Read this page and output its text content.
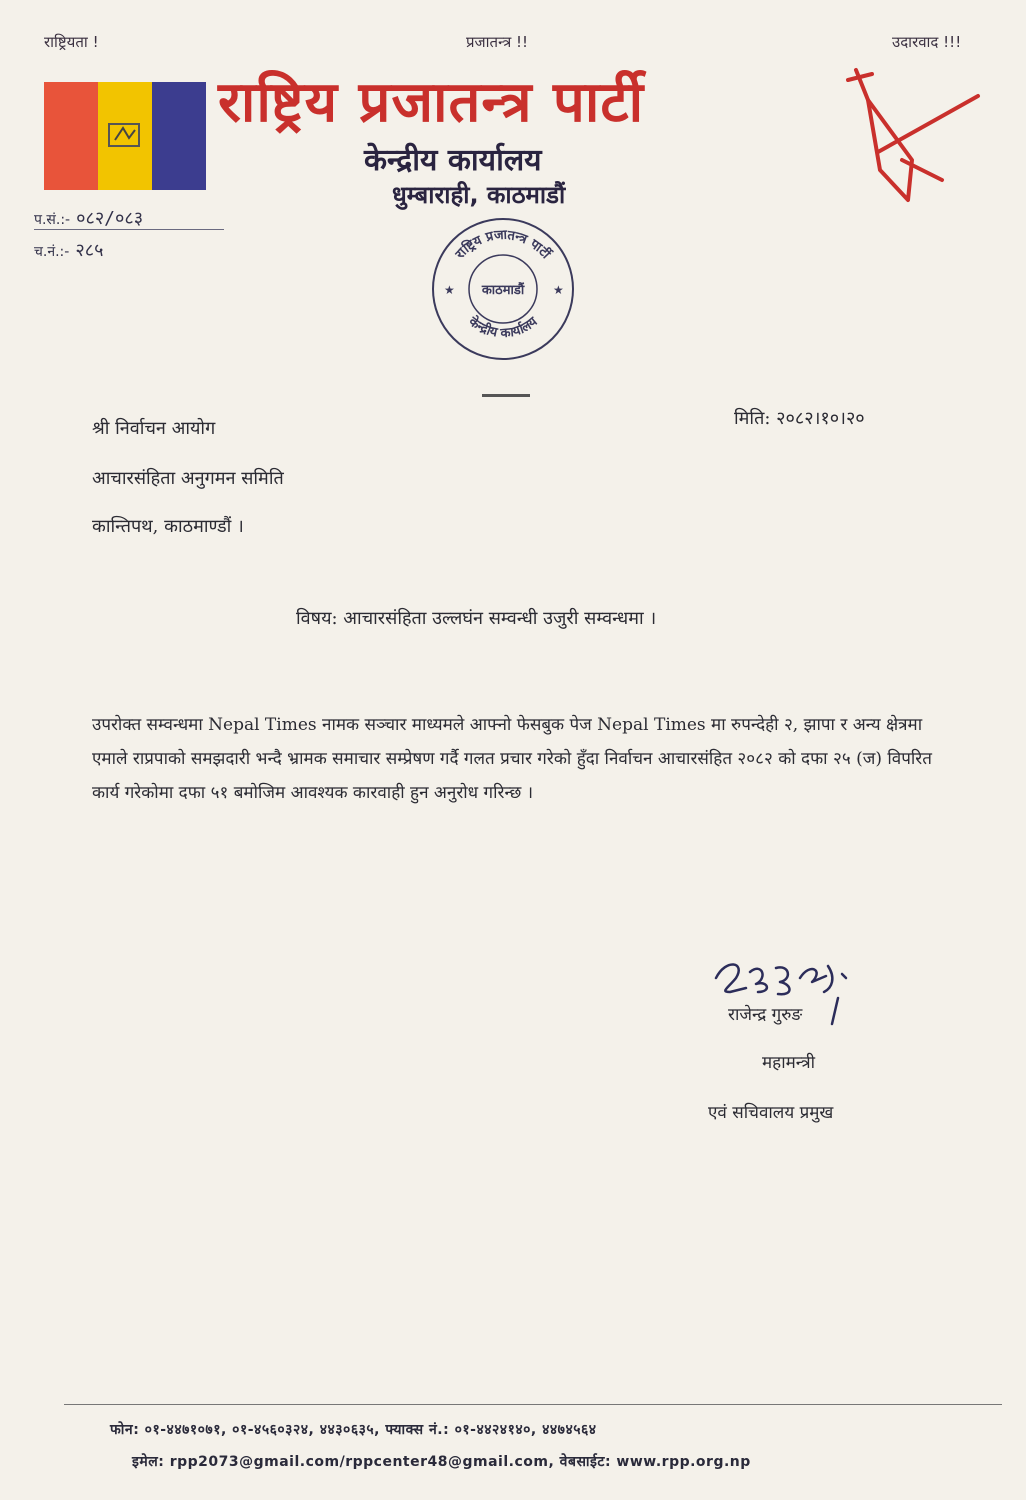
राष्ट्रियता !	प्रजातन्त्र !!	उदारवाद !!!
राष्ट्रिय प्रजातन्त्र पार्टी
केन्द्रीय कार्यालय
धुम्बाराही, काठमाडौं
प.सं.:- ०८२/०८३
च.नं.:- २८५	राष्ट्रिय प्रजातन्त्र पार्टी
काठमाडौं
केन्द्रीय कार्यालय
★	★
मिति: २०८२।१०।२०
श्री निर्वाचन आयोग
आचारसंहिता अनुगमन समिति
कान्तिपथ, काठमाण्डौं ।
विषय: आचारसंहिता उल्लघंन सम्वन्धी उजुरी सम्वन्धमा ।
उपरोक्त सम्वन्धमा Nepal Times नामक सञ्चार माध्यमले आफ्नो फेसबुक पेज Nepal Times मा रुपन्देही २, झापा र अन्य क्षेत्रमा एमाले राप्रपाको समझदारी भन्दै भ्रामक समाचार सम्प्रेषण गर्दै गलत प्रचार गरेको हुँदा निर्वाचन आचारसंहित २०८२ को दफा २५ (ज) विपरित कार्य गरेकोमा दफा ५१ बमोजिम आवश्यक कारवाही हुन अनुरोध गरिन्छ ।
राजेन्द्र गुरुङ
महामन्त्री
एवं सचिवालय प्रमुख
फोन: ०१-४४७१०७१, ०१-४५६०३२४, ४४३०६३५, फ्याक्स नं.: ०१-४४२४१४०, ४४७४५६४
इमेल: rpp2073@gmail.com/rppcenter48@gmail.com, वेबसाईट: www.rpp.org.np
